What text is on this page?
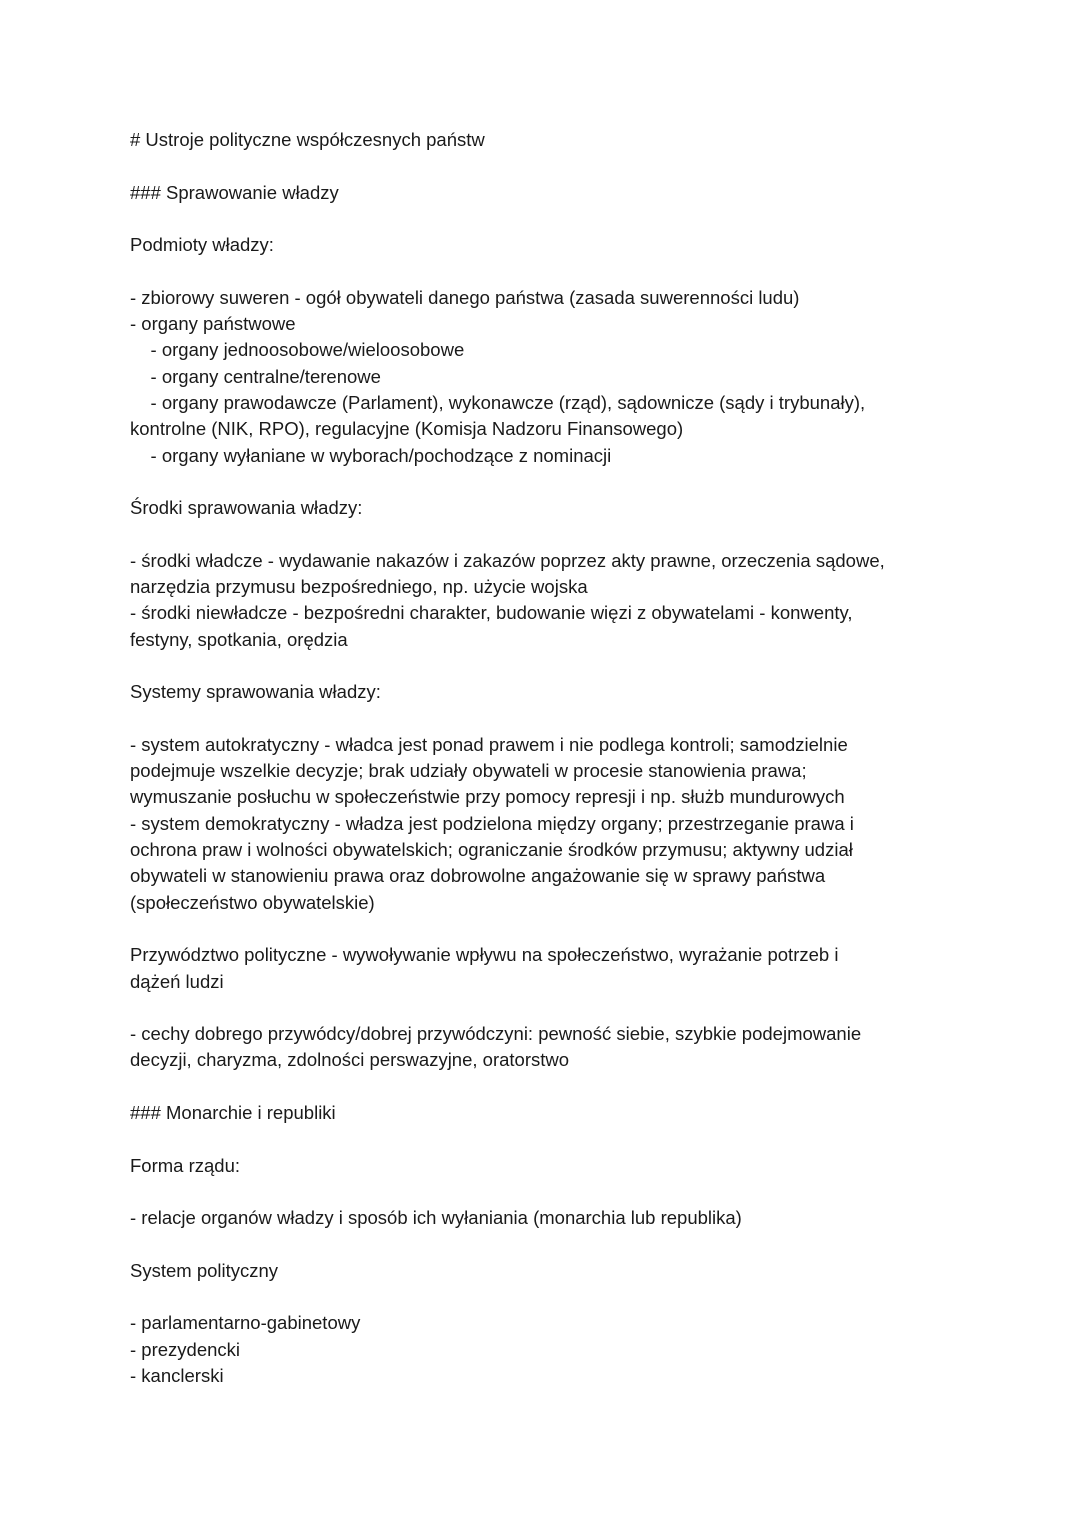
# Ustroje polityczne współczesnych państw
### Sprawowanie władzy
Podmioty władzy:
- zbiorowy suweren - ogół obywateli danego państwa (zasada suwerenności ludu)
- organy państwowe
- organy jednoosobowe/wieloosobowe
- organy centralne/terenowe
- organy prawodawcze (Parlament), wykonawcze (rząd), sądownicze (sądy i trybunały),
kontrolne (NIK, RPO), regulacyjne (Komisja Nadzoru Finansowego)
- organy wyłaniane w wyborach/pochodzące z nominacji
Środki sprawowania władzy:
- środki władcze - wydawanie nakazów i zakazów poprzez akty prawne, orzeczenia sądowe,
narzędzia przymusu bezpośredniego, np. użycie wojska
- środki niewładcze - bezpośredni charakter, budowanie więzi z obywatelami - konwenty,
festyny, spotkania, orędzia
Systemy sprawowania władzy:
- system autokratyczny - władca jest ponad prawem i nie podlega kontroli; samodzielnie
podejmuje wszelkie decyzje; brak udziały obywateli w procesie stanowienia prawa;
wymuszanie posłuchu w społeczeństwie przy pomocy represji i np. służb mundurowych
- system demokratyczny - władza jest podzielona między organy; przestrzeganie prawa i
ochrona praw i wolności obywatelskich; ograniczanie środków przymusu; aktywny udział
obywateli w stanowieniu prawa oraz dobrowolne angażowanie się w sprawy państwa
(społeczeństwo obywatelskie)
Przywództwo polityczne - wywoływanie wpływu na społeczeństwo, wyrażanie potrzeb i
dążeń ludzi
- cechy dobrego przywódcy/dobrej przywódczyni: pewność siebie, szybkie podejmowanie
decyzji, charyzma, zdolności perswazyjne, oratorstwo
### Monarchie i republiki
Forma rządu:
- relacje organów władzy i sposób ich wyłaniania (monarchia lub republika)
System polityczny
- parlamentarno-gabinetowy
- prezydencki
- kanclerski
